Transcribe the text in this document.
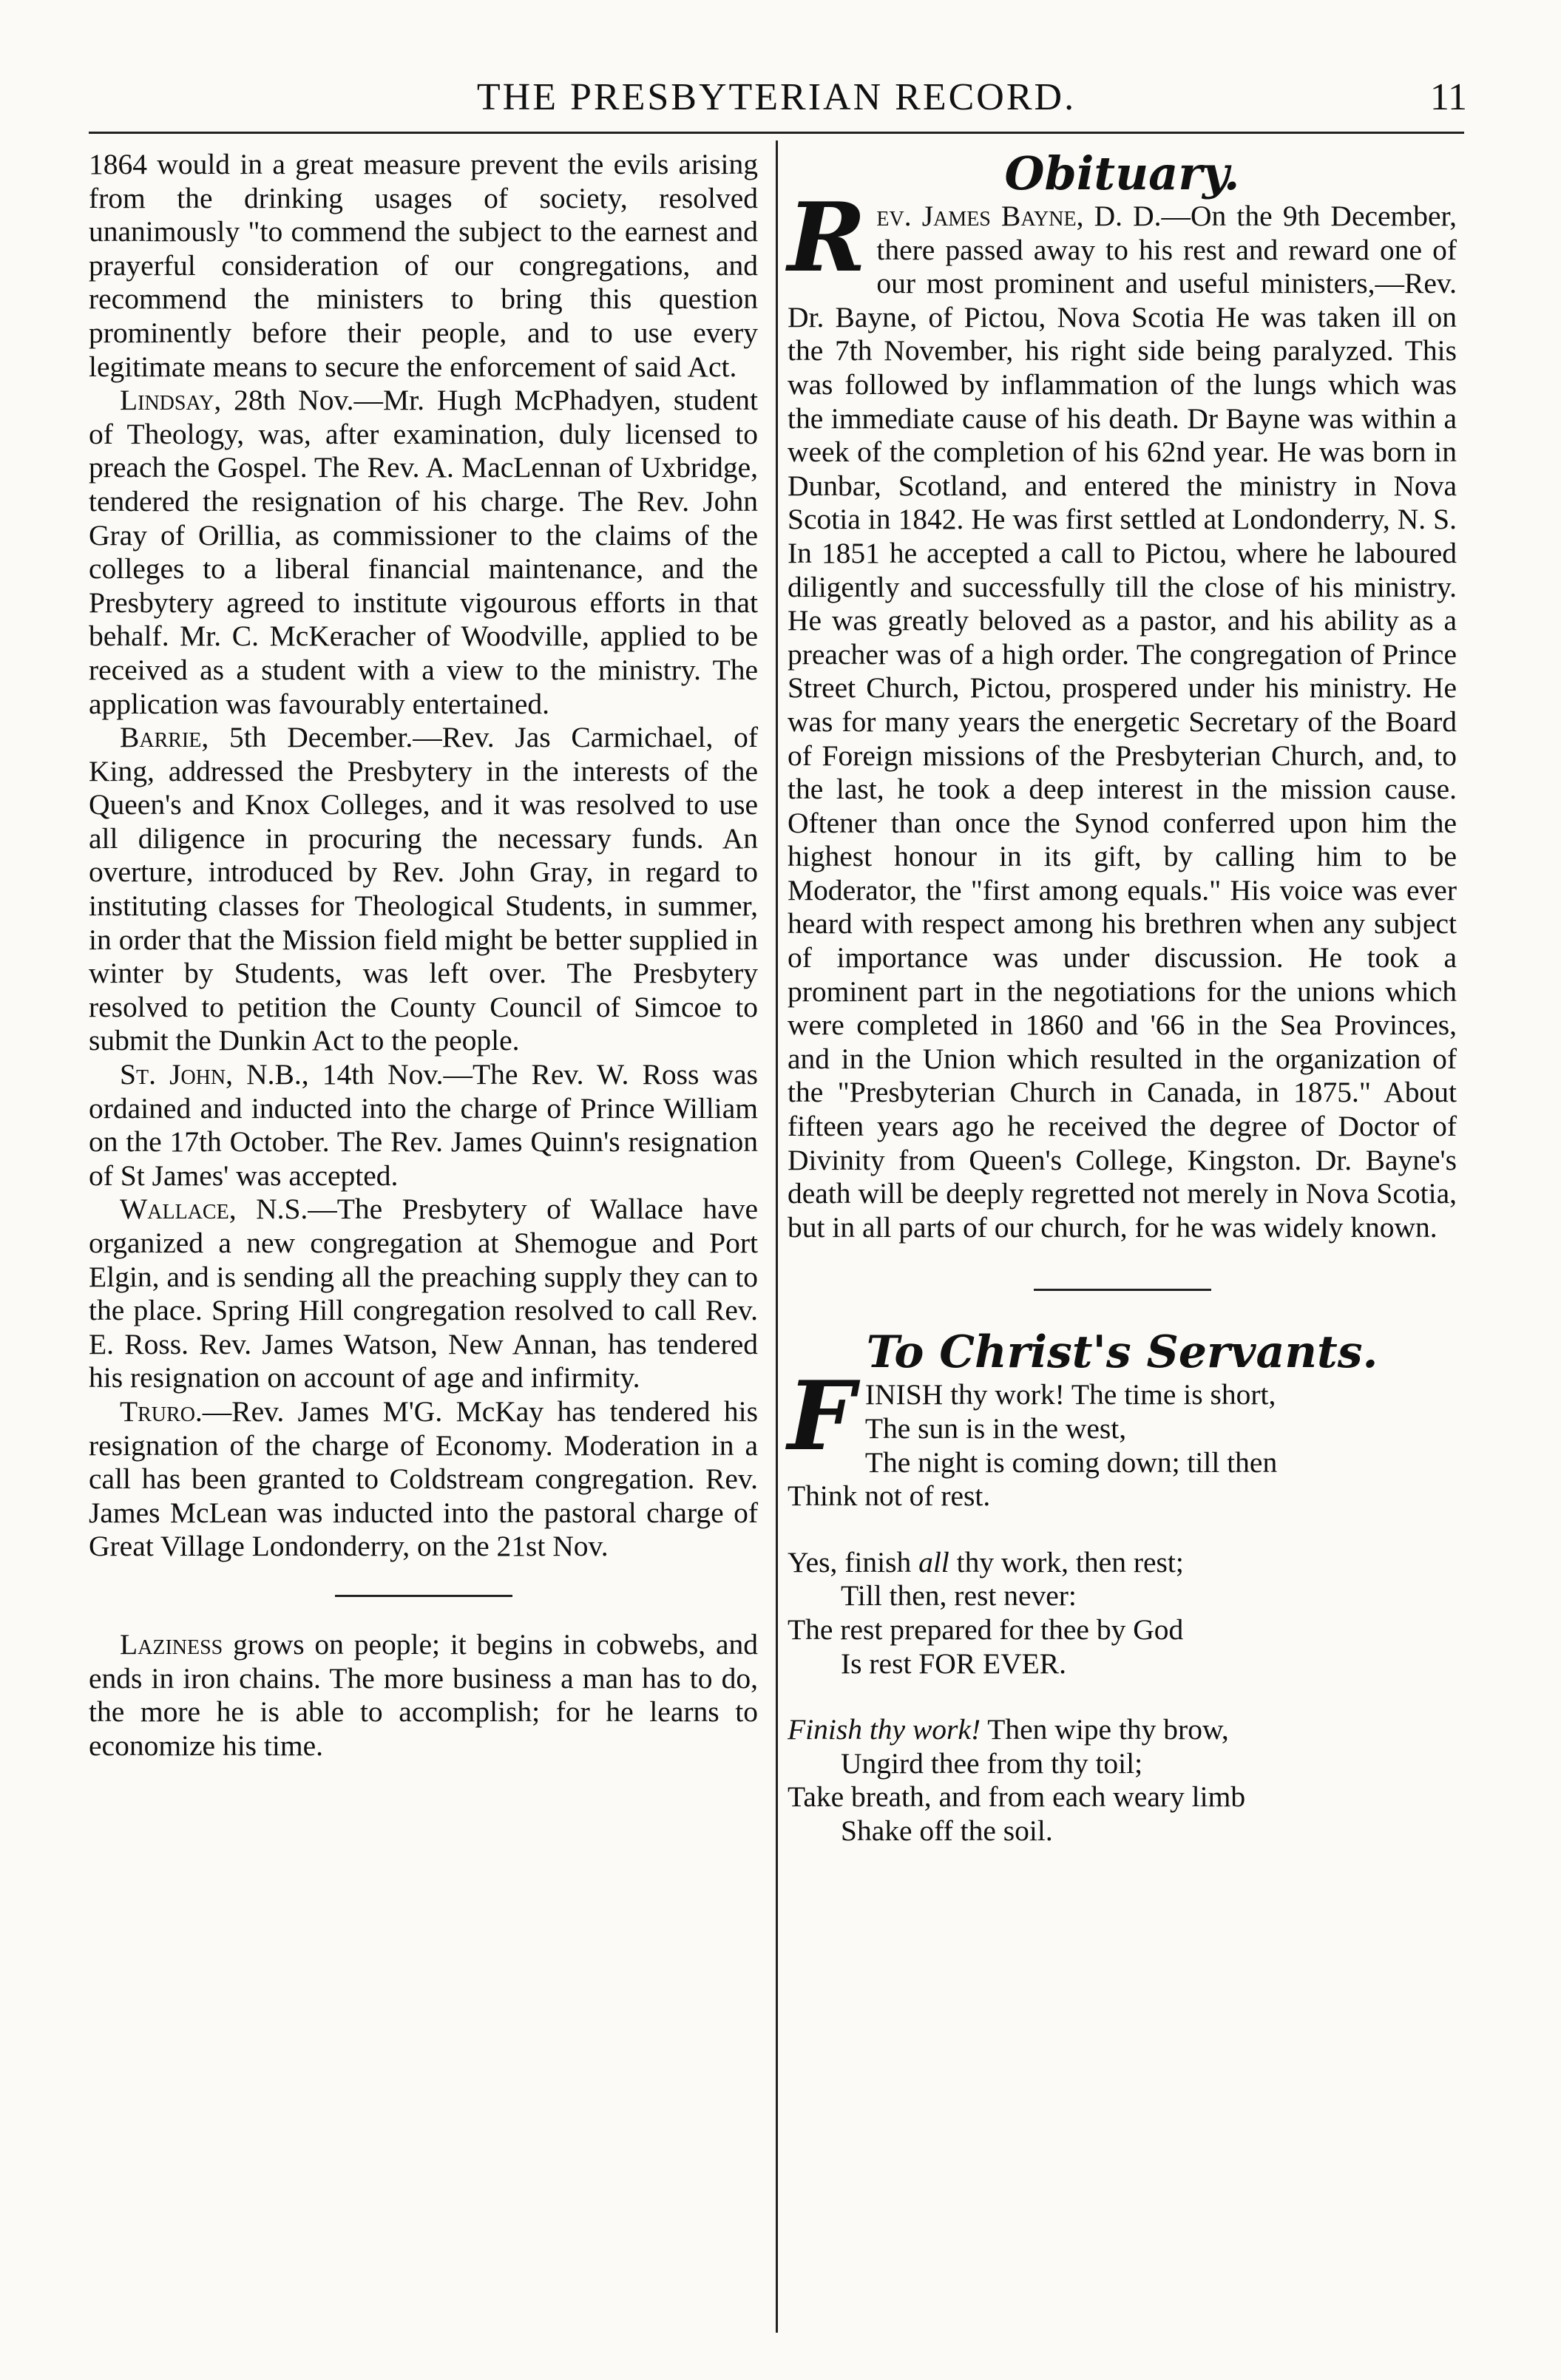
THE PRESBYTERIAN RECORD.	11

1864 would in a great measure prevent the evils arising from the drinking usages of society, resolved unanimously "to commend the subject to the earnest and prayerful consideration of our congregations, and recommend the ministers to bring this question prominently before their people, and to use every legitimate means to secure the enforcement of said Act.

Lindsay, 28th Nov.—Mr. Hugh McPhadyen, student of Theology, was, after examination, duly licensed to preach the Gospel. The Rev. A. MacLennan of Uxbridge, tendered the resignation of his charge. The Rev. John Gray of Orillia, as commissioner to the claims of the colleges to a liberal financial maintenance, and the Presbytery agreed to institute vigourous efforts in that behalf. Mr. C. McKeracher of Woodville, applied to be received as a student with a view to the ministry. The application was favourably entertained.

Barrie, 5th December.—Rev. Jas Carmichael, of King, addressed the Presbytery in the interests of the Queen's and Knox Colleges, and it was resolved to use all diligence in procuring the necessary funds. An overture, introduced by Rev. John Gray, in regard to instituting classes for Theological Students, in summer, in order that the Mission field might be better supplied in winter by Students, was left over. The Presbytery resolved to petition the County Council of Simcoe to submit the Dunkin Act to the people.

St. John, N.B., 14th Nov.—The Rev. W. Ross was ordained and inducted into the charge of Prince William on the 17th October. The Rev. James Quinn's resignation of St James' was accepted.

Wallace, N.S.—The Presbytery of Wallace have organized a new congregation at Shemogue and Port Elgin, and is sending all the preaching supply they can to the place. Spring Hill congregation resolved to call Rev. E. Ross. Rev. James Watson, New Annan, has tendered his resignation on account of age and infirmity.

Truro.—Rev. James M'G. McKay has tendered his resignation of the charge of Economy. Moderation in a call has been granted to Coldstream congregation. Rev. James McLean was inducted into the pastoral charge of Great Village Londonderry, on the 21st Nov.

Laziness grows on people; it begins in cobwebs, and ends in iron chains. The more business a man has to do, the more he is able to accomplish; for he learns to economize his time.

Obituary.

Rev. James Bayne, D. D.—On the 9th December, there passed away to his rest and reward one of our most prominent and useful ministers,—Rev. Dr. Bayne, of Pictou, Nova Scotia He was taken ill on the 7th November, his right side being paralyzed. This was followed by inflammation of the lungs which was the immediate cause of his death. Dr Bayne was within a week of the completion of his 62nd year. He was born in Dunbar, Scotland, and entered the ministry in Nova Scotia in 1842. He was first settled at Londonderry, N. S. In 1851 he accepted a call to Pictou, where he laboured diligently and successfully till the close of his ministry. He was greatly beloved as a pastor, and his ability as a preacher was of a high order. The congregation of Prince Street Church, Pictou, prospered under his ministry. He was for many years the energetic Secretary of the Board of Foreign missions of the Presbyterian Church, and, to the last, he took a deep interest in the mission cause. Oftener than once the Synod conferred upon him the highest honour in its gift, by calling him to be Moderator, the "first among equals." His voice was ever heard with respect among his brethren when any subject of importance was under discussion. He took a prominent part in the negotiations for the unions which were completed in 1860 and '66 in the Sea Provinces, and in the Union which resulted in the organization of the "Presbyterian Church in Canada, in 1875." About fifteen years ago he received the degree of Doctor of Divinity from Queen's College, Kingston. Dr. Bayne's death will be deeply regretted not merely in Nova Scotia, but in all parts of our church, for he was widely known.

To Christ's Servants.

F INISH thy work! The time is short,
The sun is in the west,
The night is coming down; till then
Think not of rest.
Yes, finish all thy work, then rest;
Till then, rest never:
The rest prepared for thee by God
Is rest FOR EVER.
Finish thy work! Then wipe thy brow,
Ungird thee from thy toil;
Take breath, and from each weary limb
Shake off the soil.
